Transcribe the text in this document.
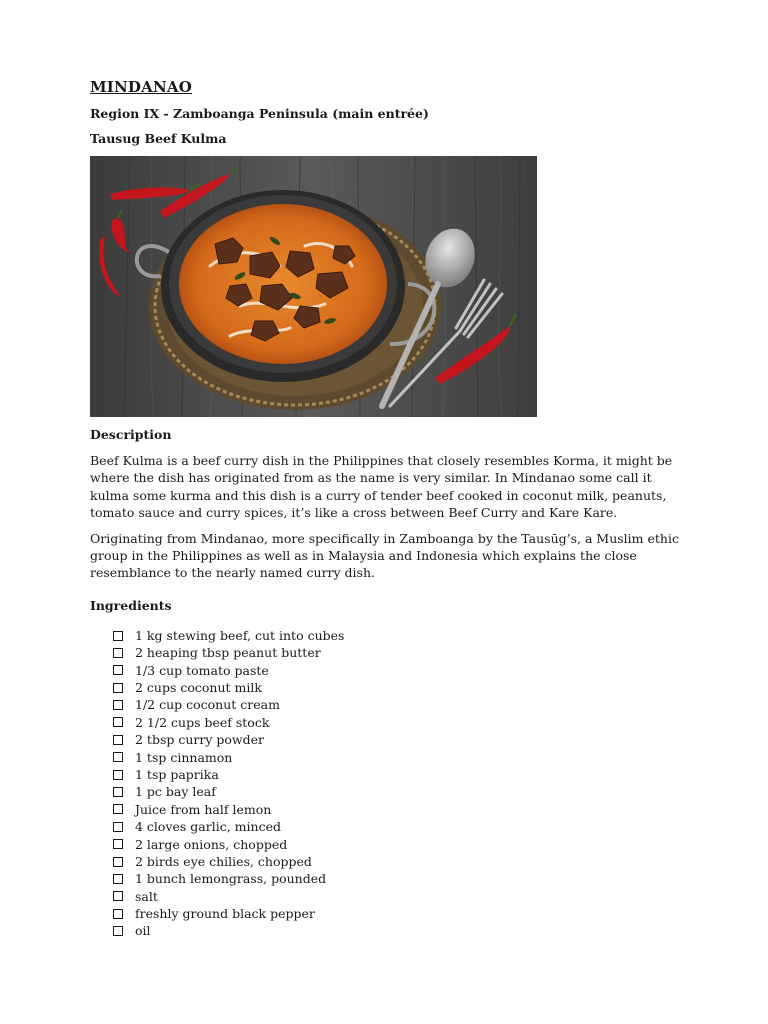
MINDANAO
Region IX - Zamboanga Peninsula (main entrée)
Tausug Beef Kulma
Description

Beef Kulma is a beef curry dish in the Philippines that closely resembles Korma, it might be where the dish has originated from as the name is very similar. In Mindanao some call it kulma some kurma and this dish is a curry of tender beef cooked in coconut milk, peanuts, tomato sauce and curry spices, it’s like a cross between Beef Curry and Kare Kare.

Originating from Mindanao, more specifically in Zamboanga by the Tausūg’s, a Muslim ethic group in the Philippines as well as in Malaysia and Indonesia which explains the close resemblance to the nearly named curry dish.

Ingredients
1 kg stewing beef, cut into cubes
2 heaping tbsp peanut butter
1/3 cup tomato paste
2 cups coconut milk
1/2 cup coconut cream
2 1/2 cups beef stock
2 tbsp curry powder
1 tsp cinnamon
1 tsp paprika
1 pc bay leaf
Juice from half lemon
4 cloves garlic, minced
2 large onions, chopped
2 birds eye chilies, chopped
1 bunch lemongrass, pounded
salt
freshly ground black pepper
oil
